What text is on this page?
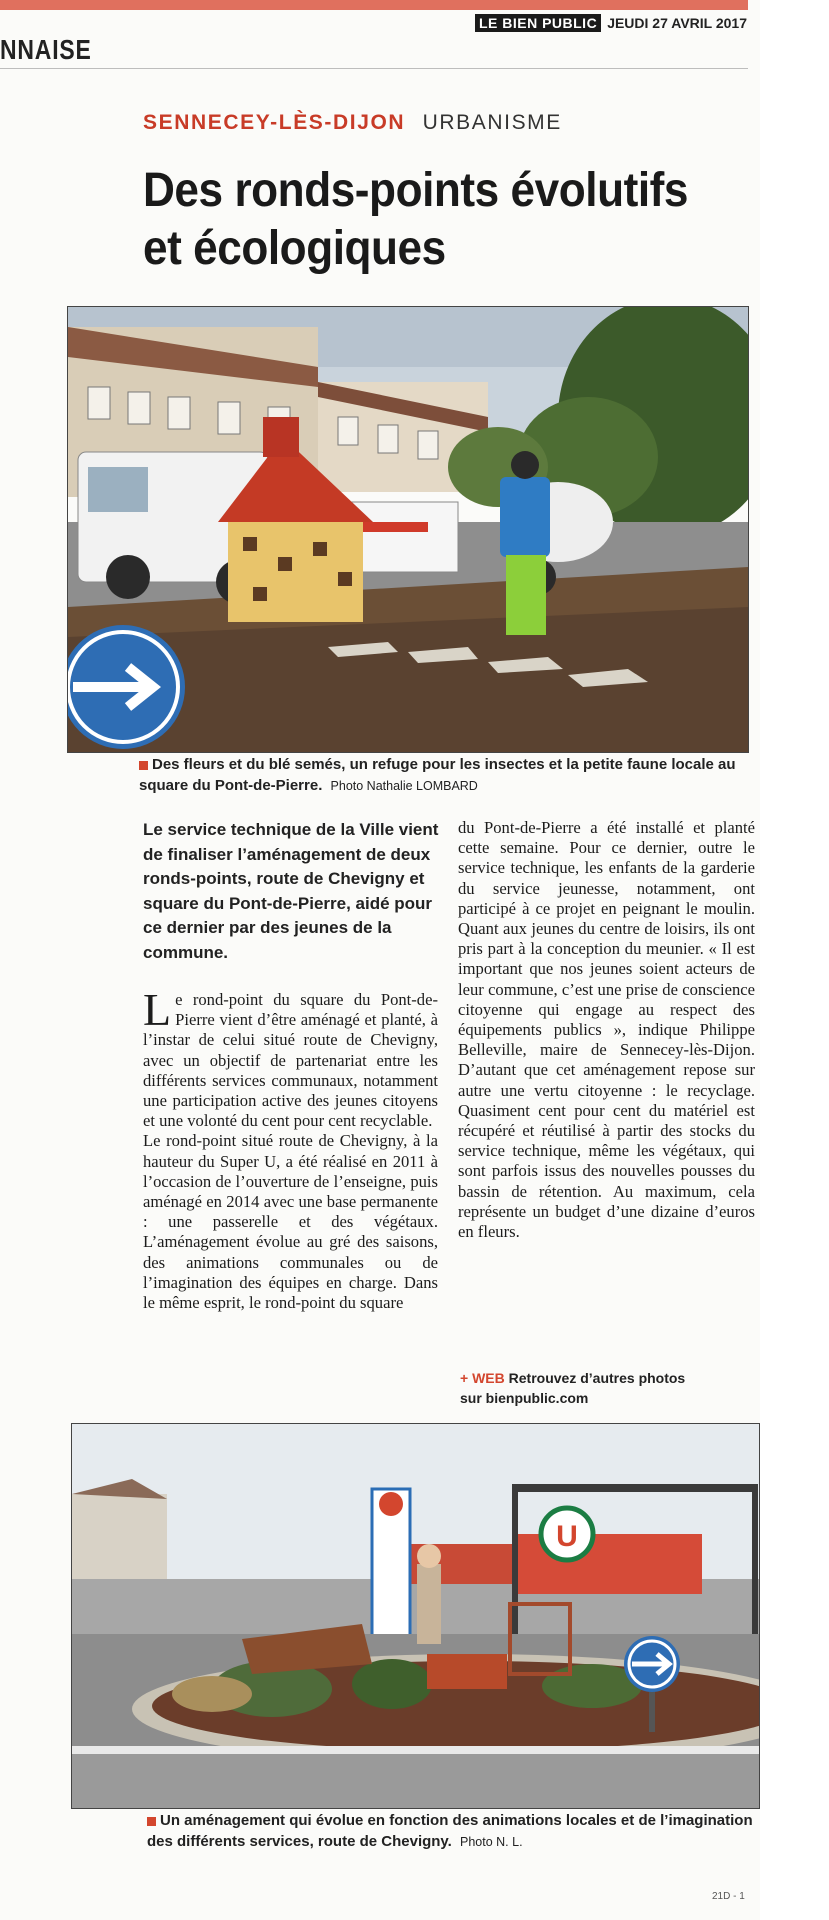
NNAISE
LE BIEN PUBLIC JEUDI 27 AVRIL 2017
SENNECEY-LÈS-DIJON URBANISME
Des ronds-points évolutifs
et écologiques
Des fleurs et du blé semés, un refuge pour les insectes et la petite faune locale au square du Pont-de-Pierre. Photo Nathalie LOMBARD
Le service technique de la Ville vient de finaliser l’aménagement de deux ronds-points, route de Chevigny et square du Pont-de-Pierre, aidé pour ce dernier par des jeunes de la commune.

Le rond-point du square du Pont-de-Pierre vient d’être aménagé et planté, à l’instar de celui situé route de Chevigny, avec un objectif de partenariat entre les différents services communaux, notamment une participation active des jeunes citoyens et une volonté du cent pour cent recyclable.

Le rond-point situé route de Chevigny, à la hauteur du Super U, a été réalisé en 2011 à l’occasion de l’ouverture de l’enseigne, puis aménagé en 2014 avec une base permanente : une passerelle et des végétaux. L’aménagement évolue au gré des saisons, des animations communales ou de l’imagination des équipes en charge. Dans le même esprit, le rond-point du square

du Pont-de-Pierre a été installé et planté cette semaine. Pour ce dernier, outre le service technique, les enfants de la garderie du service jeunesse, notamment, ont participé à ce projet en peignant le moulin. Quant aux jeunes du centre de loisirs, ils ont pris part à la conception du meunier. « Il est important que nos jeunes soient acteurs de leur commune, c’est une prise de conscience citoyenne qui engage au respect des équipements publics », indique Philippe Belleville, maire de Sennecey-lès-Dijon. D’autant que cet aménagement repose sur autre une vertu citoyenne : le recyclage. Quasiment cent pour cent du matériel est récupéré et réutilisé à partir des stocks du service technique, même les végétaux, qui sont parfois issus des nouvelles pousses du bassin de rétention. Au maximum, cela représente un budget d’une dizaine d’euros en fleurs.

+ WEB Retrouvez d’autres photos
sur bienpublic.com
U
Un aménagement qui évolue en fonction des animations locales et de l’imagination des différents services, route de Chevigny. Photo N. L.
21D - 1
